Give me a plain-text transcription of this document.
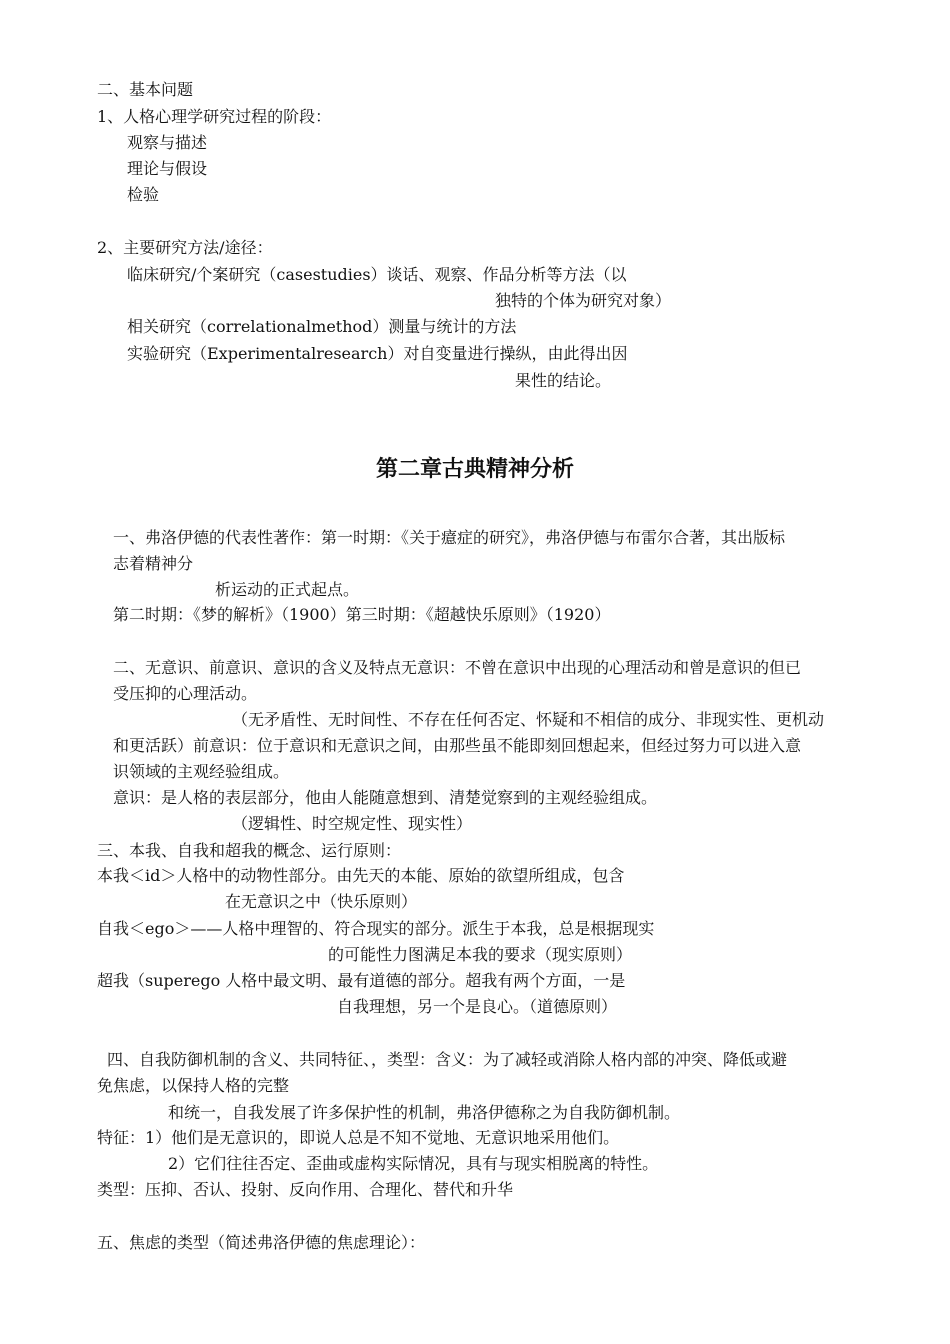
二、基本问题
1、人格心理学研究过程的阶段：
观察与描述
理论与假设
检验
2、主要研究方法/途径：
临床研究/个案研究（casestudies）谈话、观察、作品分析等方法（以
独特的个体为研究对象）
相关研究（correlationalmethod）测量与统计的方法
实验研究（Experimentalresearch）对自变量进行操纵，由此得出因
果性的结论。
第二章古典精神分析
一、弗洛伊德的代表性著作：第一时期：《关于癔症的研究》，弗洛伊德与布雷尔合著，其出版标
志着精神分
析运动的正式起点。
第二时期：《梦的解析》（1900）第三时期：《超越快乐原则》（1920）
二、无意识、前意识、意识的含义及特点无意识：不曾在意识中出现的心理活动和曾是意识的但已
受压抑的心理活动。
（无矛盾性、无时间性、不存在任何否定、怀疑和不相信的成分、非现实性、更机动
和更活跃）前意识：位于意识和无意识之间，由那些虽不能即刻回想起来，但经过努力可以进入意
识领域的主观经验组成。
意识：是人格的表层部分，他由人能随意想到、清楚觉察到的主观经验组成。
（逻辑性、时空规定性、现实性）
三、本我、自我和超我的概念、运行原则：
本我＜id＞人格中的动物性部分。由先天的本能、原始的欲望所组成，包含
在无意识之中（快乐原则）
自我＜ego＞——人格中理智的、符合现实的部分。派生于本我，总是根据现实
的可能性力图满足本我的要求（现实原则）
超我（superego 人格中最文明、最有道德的部分。超我有两个方面，一是
自我理想，另一个是良心。（道德原则）
四、自我防御机制的含义、共同特征、，类型：含义：为了减轻或消除人格内部的冲突、降低或避
免焦虑，以保持人格的完整
和统一，自我发展了许多保护性的机制，弗洛伊德称之为自我防御机制。
特征：1）他们是无意识的，即说人总是不知不觉地、无意识地采用他们。
2）它们往往否定、歪曲或虚构实际情况，具有与现实相脱离的特性。
类型：压抑、否认、投射、反向作用、合理化、替代和升华
五、焦虑的类型（简述弗洛伊德的焦虑理论）：
